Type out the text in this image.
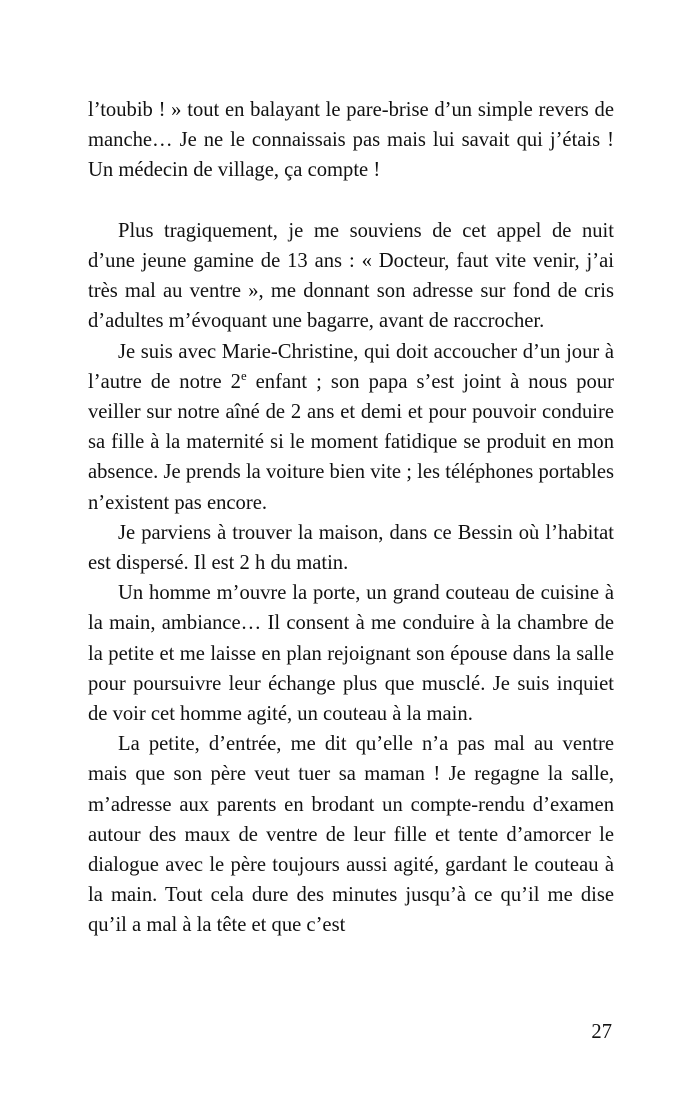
l’toubib ! » tout en balayant le pare-brise d’un simple revers de manche… Je ne le connaissais pas mais lui savait qui j’étais ! Un médecin de village, ça compte !

Plus tragiquement, je me souviens de cet appel de nuit d’une jeune gamine de 13 ans : « Docteur, faut vite venir, j’ai très mal au ventre », me donnant son adresse sur fond de cris d’adultes m’évoquant une bagarre, avant de raccrocher.

Je suis avec Marie-Christine, qui doit accoucher d’un jour à l’autre de notre 2e enfant ; son papa s’est joint à nous pour veiller sur notre aîné de 2 ans et demi et pour pouvoir conduire sa fille à la maternité si le moment fatidique se produit en mon absence. Je prends la voiture bien vite ; les téléphones portables n’existent pas encore.

Je parviens à trouver la maison, dans ce Bessin où l’habitat est dispersé. Il est 2 h du matin.

Un homme m’ouvre la porte, un grand couteau de cuisine à la main, ambiance… Il consent à me conduire à la chambre de la petite et me laisse en plan rejoignant son épouse dans la salle pour poursuivre leur échange plus que musclé. Je suis inquiet de voir cet homme agité, un couteau à la main.

La petite, d’entrée, me dit qu’elle n’a pas mal au ventre mais que son père veut tuer sa maman ! Je regagne la salle, m’adresse aux parents en brodant un compte-rendu d’examen autour des maux de ventre de leur fille et tente d’amorcer le dialogue avec le père toujours aussi agité, gardant le couteau à la main. Tout cela dure des minutes jusqu’à ce qu’il me dise qu’il a mal à la tête et que c’est

27
